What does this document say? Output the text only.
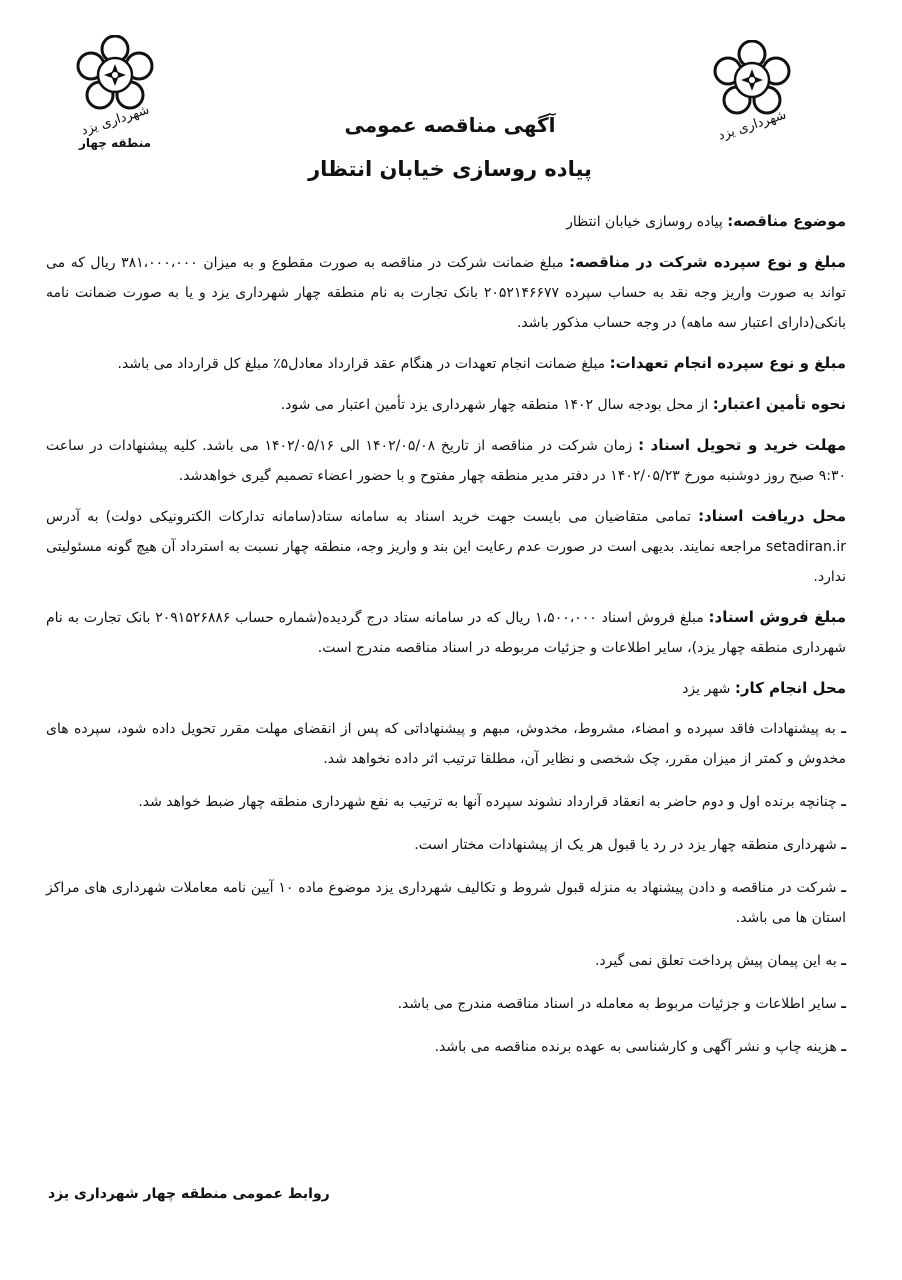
شهرداری یزد
شهرداری یزد
منطقه چهار
آگهی مناقصه عمومی
پیاده روسازی خیابان انتظار

موضوع مناقصه: پیاده روسازی خیابان انتظار

مبلغ و نوع سپرده شرکت در مناقصه: مبلغ ضمانت شرکت در مناقصه به صورت مقطوع و به میزان ۳۸۱،۰۰۰،۰۰۰ ریال که می تواند به صورت واریز وجه نقد به حساب سپرده ۲۰۵۲۱۴۶۶۷۷ بانک تجارت به نام منطقه چهار شهرداری یزد و یا به صورت ضمانت نامه بانکی(دارای اعتبار سه ماهه) در وجه حساب مذکور باشد.

مبلغ و نوع سپرده انجام تعهدات: مبلغ ضمانت انجام تعهدات در هنگام عقد قرارداد معادل۵٪ مبلغ کل قرارداد می باشد.

نحوه تأمین اعتبار: از محل بودجه سال ۱۴۰۲ منطقه چهار شهرداری یزد تأمین اعتبار می شود.

مهلت خرید و تحویل اسناد : زمان شرکت در مناقصه از تاریخ ۱۴۰۲/۰۵/۰۸ الی ۱۴۰۲/۰۵/۱۶ می باشد. کلیه پیشنهادات در ساعت ۹:۳۰ صبح روز دوشنبه مورخ ۱۴۰۲/۰۵/۲۳ در دفتر مدیر منطقه چهار مفتوح و با حضور اعضاء تصمیم گیری خواهدشد.

محل دریافت اسناد: تمامی متقاضیان می بایست جهت خرید اسناد به سامانه ستاد(سامانه تدارکات الکترونیکی دولت) به آدرس setadiran.ir مراجعه نمایند. بدیهی است در صورت عدم رعایت این بند و واریز وجه، منطقه چهار نسبت به استرداد آن هیچ گونه مسئولیتی ندارد.

مبلغ فروش اسناد: مبلغ فروش اسناد ۱،۵۰۰،۰۰۰ ریال که در سامانه ستاد درج گردیده(شماره حساب ۲۰۹۱۵۲۶۸۸۶ بانک تجارت به نام شهرداری منطقه چهار یزد)، سایر اطلاعات و جزئیات مربوطه در اسناد مناقصه مندرج است.

محل انجام کار: شهر یزد

ـ به پیشنهادات فاقد سپرده و امضاء، مشروط، مخدوش، مبهم و پیشنهاداتی که پس از انقضای مهلت مقرر تحویل داده شود، سپرده های مخدوش و کمتر از میزان مقرر، چک شخصی و نظایر آن، مطلقا ترتیب اثر داده نخواهد شد.
ـ چنانچه برنده اول و دوم حاضر به انعقاد قرارداد نشوند سپرده آنها به ترتیب به نفع شهرداری منطقه چهار ضبط خواهد شد.
ـ شهرداری منطقه چهار یزد در رد یا قبول هر یک از پیشنهادات مختار است.
ـ شرکت در مناقصه و دادن پیشنهاد به منزله قبول شروط و تکالیف شهرداری یزد موضوع ماده ۱۰ آیین نامه معاملات شهرداری های مراکز استان ها می باشد.
ـ به این پیمان پیش پرداخت تعلق نمی گیرد.
ـ سایر اطلاعات و جزئیات مربوط به معامله در اسناد مناقصه مندرج می باشد.
ـ هزینه چاپ و نشر آگهی و کارشناسی به عهده برنده مناقصه می باشد.
روابط عمومی منطقه چهار شهرداری یزد
